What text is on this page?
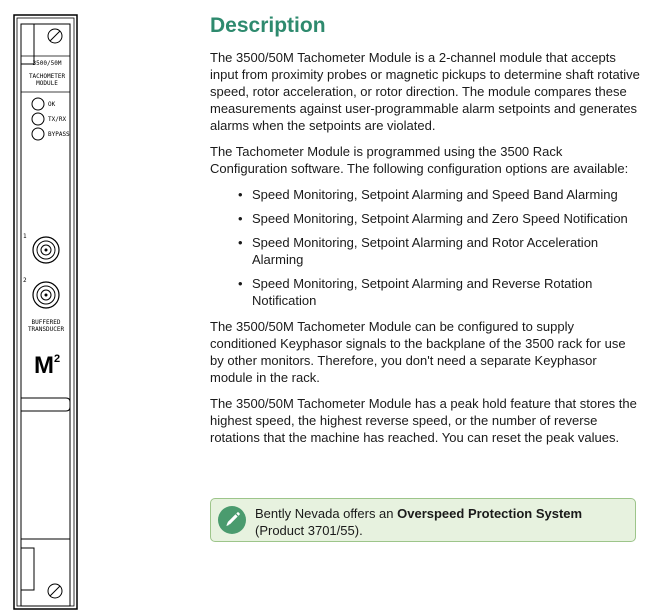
3500/50M
TACHOMETER
MODULE
OK
TX/RX
BYPASS
1
2
BUFFERED
TRANSDUCER
$M^2$
Description

The 3500/50M Tachometer Module is a 2-channel module that accepts input from proximity probes or magnetic pickups to determine shaft rotative speed, rotor acceleration, or rotor direction. The module compares these measurements against user-programmable alarm setpoints and generates alarms when the setpoints are violated.

The Tachometer Module is programmed using the 3500 Rack Configuration software. The following configuration options are available:

• Speed Monitoring, Setpoint Alarming and Speed Band Alarming
• Speed Monitoring, Setpoint Alarming and Zero Speed Notification
• Speed Monitoring, Setpoint Alarming and Rotor Acceleration Alarming
• Speed Monitoring, Setpoint Alarming and Reverse Rotation Notification

The 3500/50M Tachometer Module can be configured to supply conditioned Keyphasor signals to the backplane of the 3500 rack for use by other monitors. Therefore, you don't need a separate Keyphasor module in the rack.

The 3500/50M Tachometer Module has a peak hold feature that stores the highest speed, the highest reverse speed, or the number of reverse rotations that the machine has reached. You can reset the peak values.

Bently Nevada offers an Overspeed Protection System (Product 3701/55).
